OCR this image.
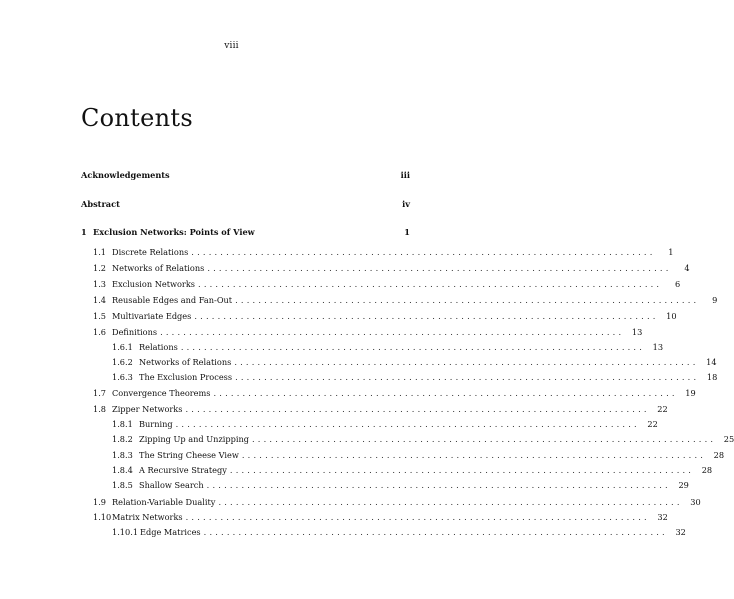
viii
Contents
Acknowledgements	iii
Abstract	iv
1 Exclusion Networks: Points of View	1
1.1 Discrete Relations ................................................................................	1
1.2 Networks of Relations ................................................................................	4
1.3 Exclusion Networks ................................................................................	6
1.4 Reusable Edges and Fan-Out ................................................................................	9
1.5 Multivariate Edges ................................................................................ 10
1.6 Definitions ................................................................................ 13
1.6.1 Relations ................................................................................ 13
1.6.2 Networks of Relations ................................................................................ 14
1.6.3 The Exclusion Process ................................................................................ 18
1.7 Convergence Theorems ................................................................................ 19
1.8 Zipper Networks ................................................................................ 22
1.8.1 Burning ................................................................................ 22
1.8.2 Zipping Up and Unzipping ................................................................................ 25
1.8.3 The String Cheese View ................................................................................ 28
1.8.4 A Recursive Strategy ................................................................................ 28
1.8.5 Shallow Search ................................................................................ 29
1.9 Relation-Variable Duality ................................................................................ 30
1.10 Matrix Networks ................................................................................ 32
1.10.1 Edge Matrices ................................................................................ 32
